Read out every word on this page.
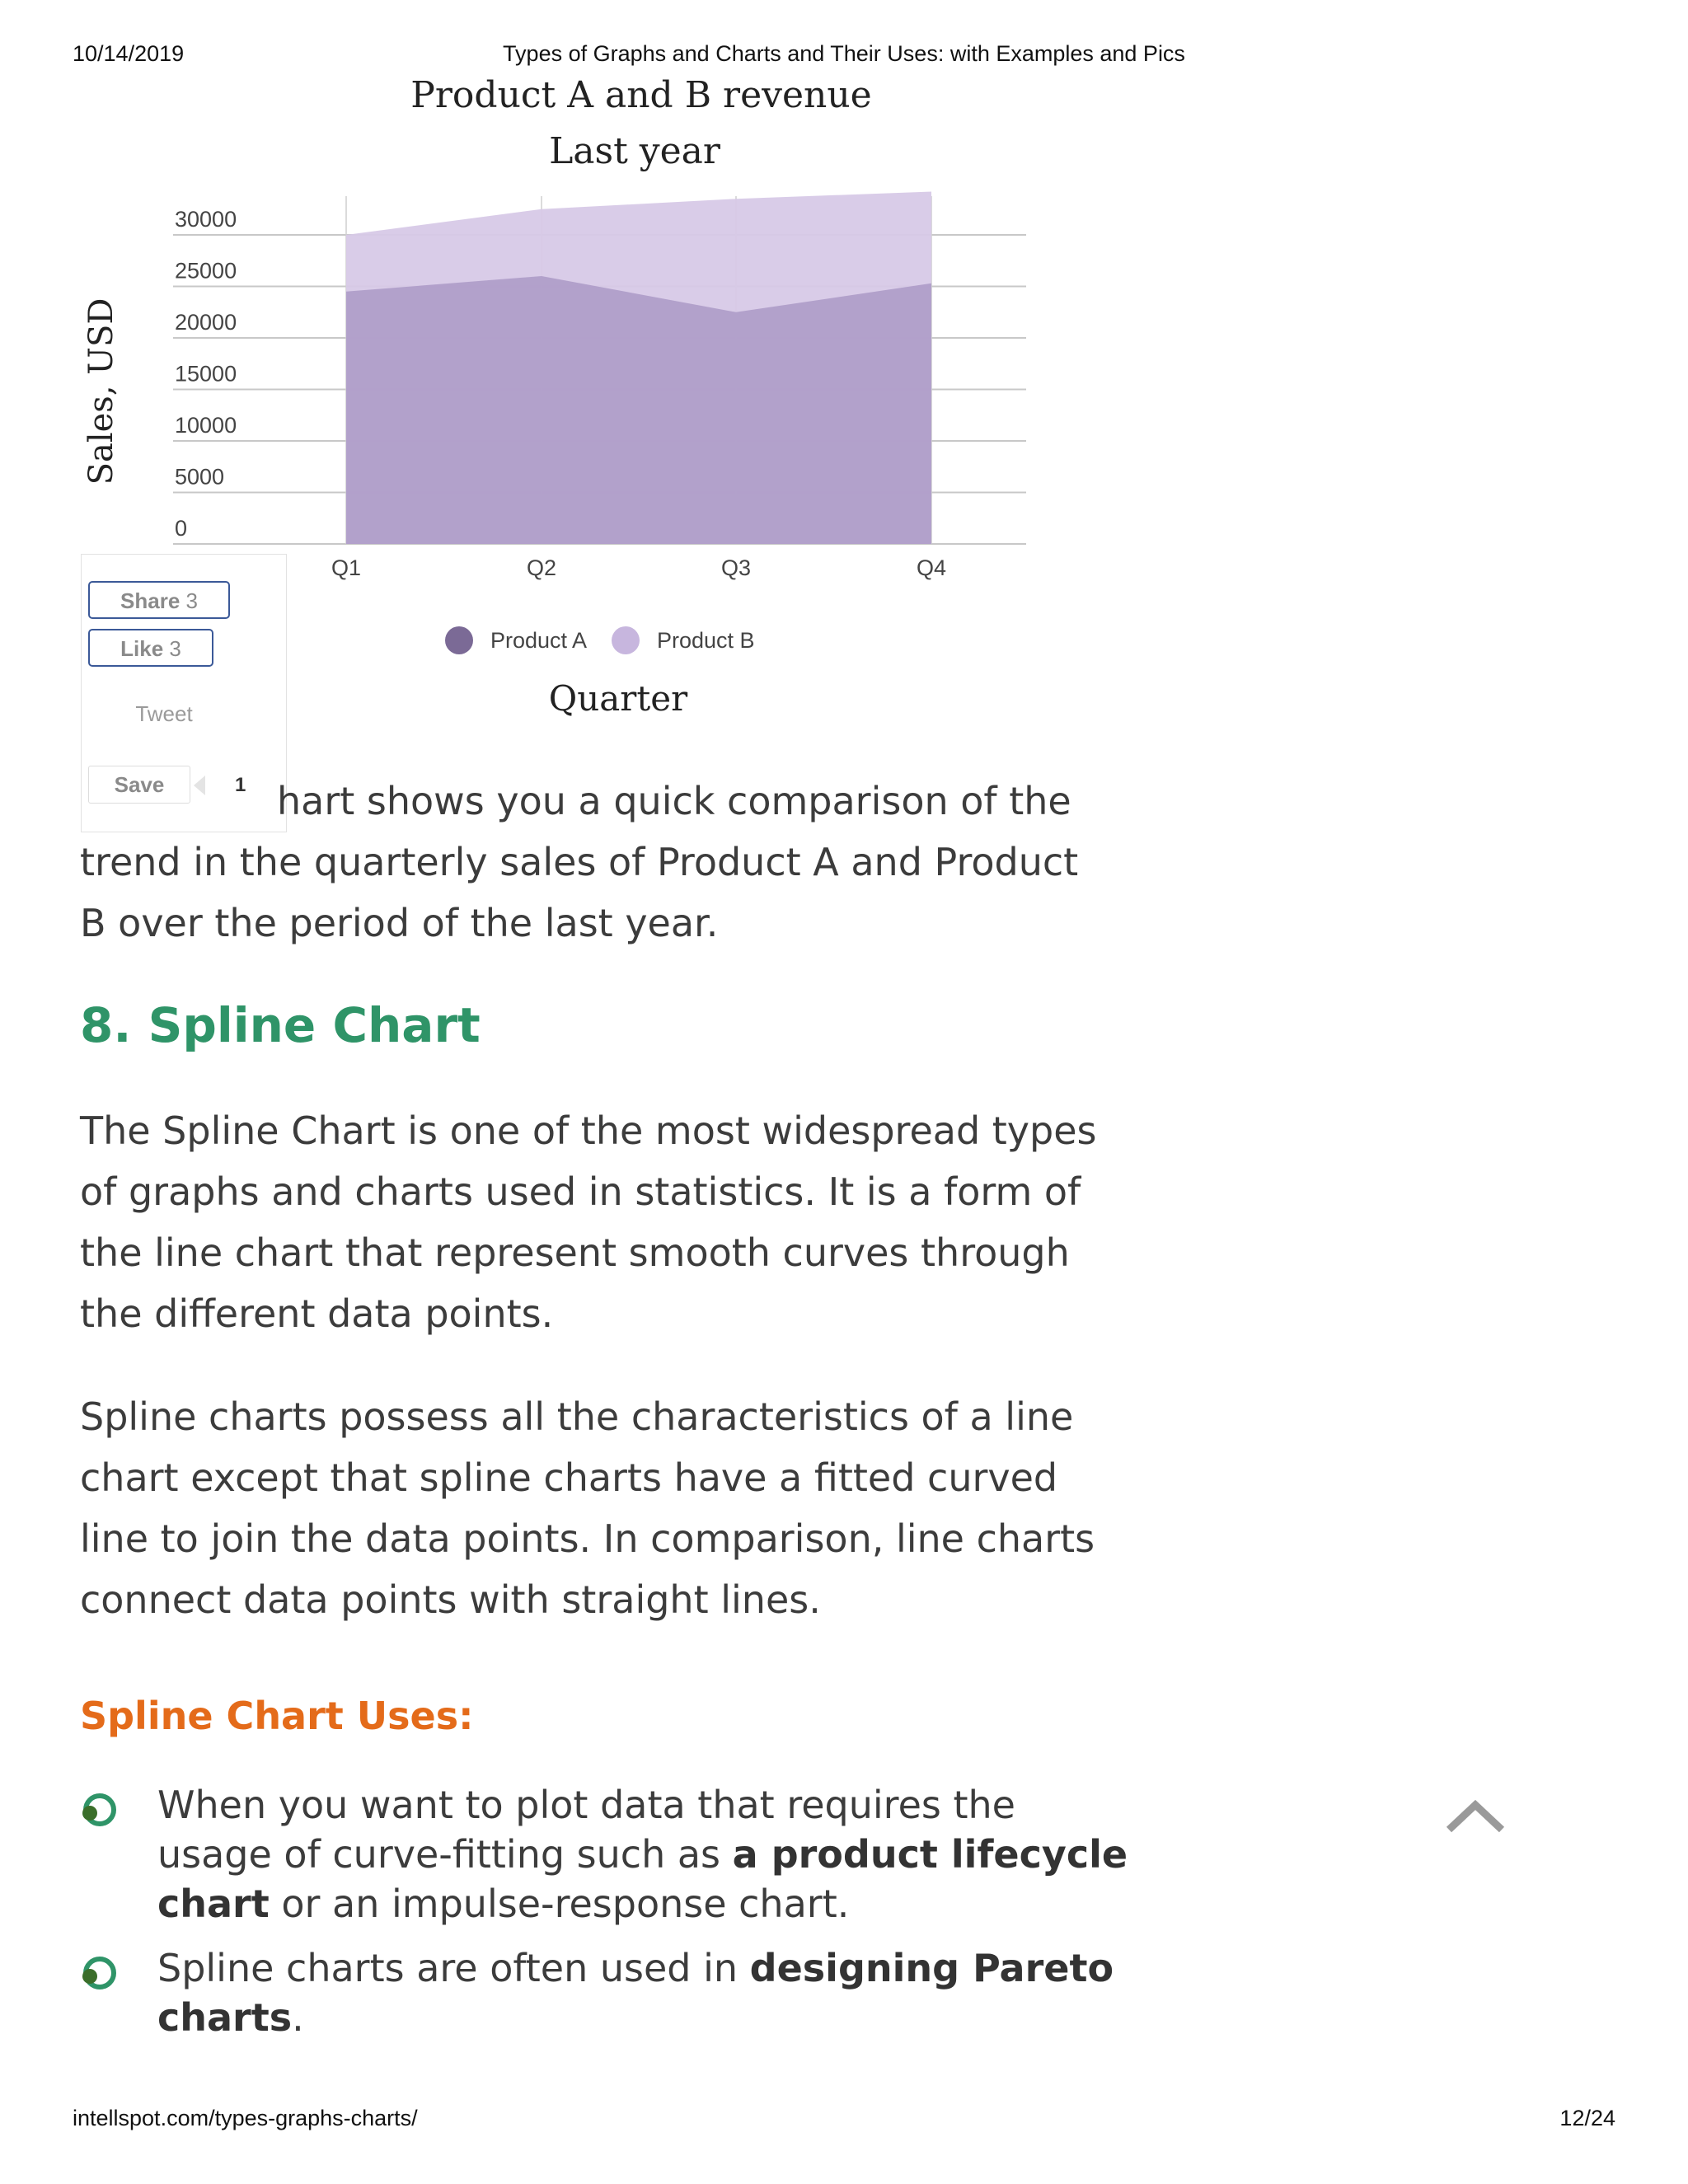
10/14/2019	Types of Graphs and Charts and Their Uses: with Examples and Pics
Product A and B revenue
Last year
0
5000
10000
15000
20000
25000
30000
Q1	Q2	Q3	Q4
Sales, USD
Product A	Product B
Quarter
Share 3
Like 3
Tweet
Save	1 hart shows you a quick comparison of the

trend in the quarterly sales of Product A and Product B over the period of the last year.

8. Spline Chart

The Spline Chart is one of the most widespread types of graphs and charts used in statistics. It is a form of the line chart that represent smooth curves through the different data points.

Spline charts possess all the characteristics of a line chart except that spline charts have a fitted curved line to join the data points. In comparison, line charts connect data points with straight lines.

Spline Chart Uses:
When you want to plot data that requires the usage of curve-fitting such as a product lifecycle chart or an impulse-response chart.
Spline charts are often used in designing Pareto charts.
intellspot.com/types-graphs-charts/	12/24
